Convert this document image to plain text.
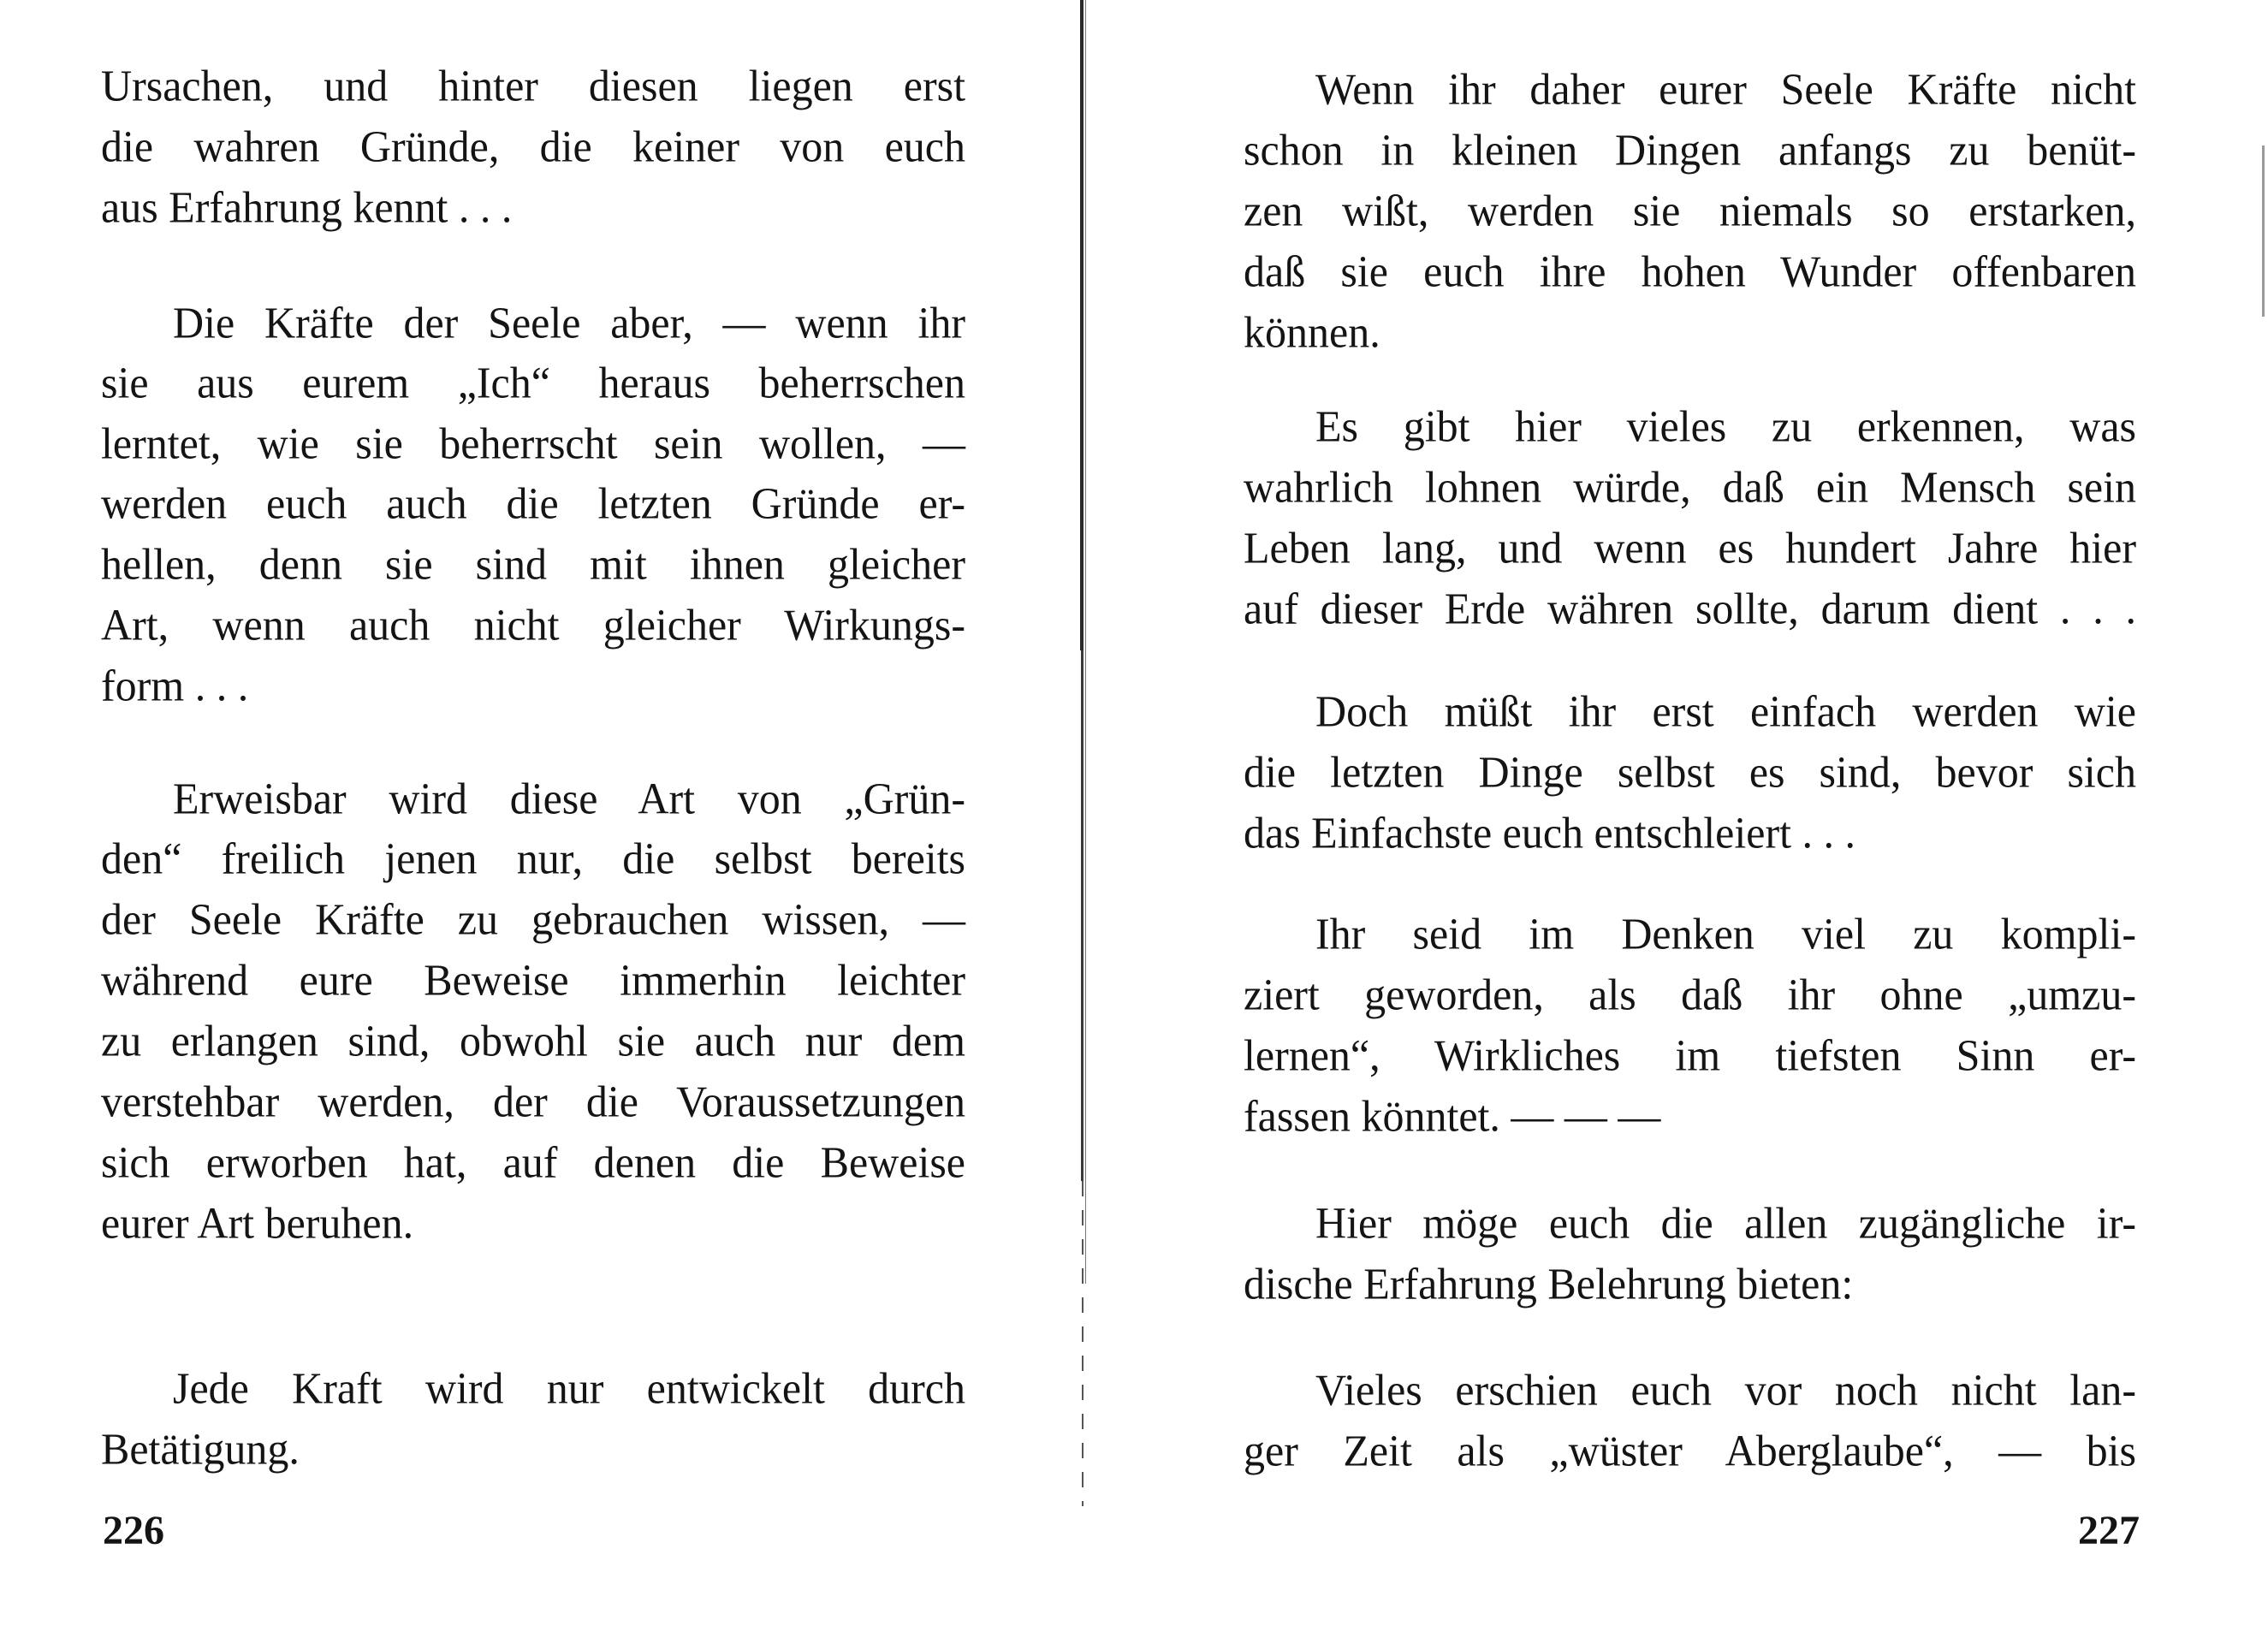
Ursachen, und hinter diesen liegen erst
die wahren Gründe, die keiner von euch
aus Erfahrung kennt . . .
Die Kräfte der Seele aber, — wenn ihr
sie aus eurem „Ich“ heraus beherrschen
lerntet, wie sie beherrscht sein wollen, —
werden euch auch die letzten Gründe er-
hellen, denn sie sind mit ihnen gleicher
Art, wenn auch nicht gleicher Wirkungs-
form . . .
Erweisbar wird diese Art von „Grün-
den“ freilich jenen nur, die selbst bereits
der Seele Kräfte zu gebrauchen wissen, —
während eure Beweise immerhin leichter
zu erlangen sind, obwohl sie auch nur dem
verstehbar werden, der die Voraussetzungen
sich erworben hat, auf denen die Beweise
eurer Art beruhen.
Jede Kraft wird nur entwickelt durch
Betätigung.
226
Wenn ihr daher eurer Seele Kräfte nicht
schon in kleinen Dingen anfangs zu benüt-
zen wißt, werden sie niemals so erstarken,
daß sie euch ihre hohen Wunder offenbaren
können.
Es gibt hier vieles zu erkennen, was
wahrlich lohnen würde, daß ein Mensch sein
Leben lang, und wenn es hundert Jahre hier
auf dieser Erde währen sollte, darum dient . . .
Doch müßt ihr erst einfach werden wie
die letzten Dinge selbst es sind, bevor sich
das Einfachste euch entschleiert . . .
Ihr seid im Denken viel zu kompli-
ziert geworden, als daß ihr ohne „umzu-
lernen“, Wirkliches im tiefsten Sinn er-
fassen könntet. — — —
Hier möge euch die allen zugängliche ir-
dische Erfahrung Belehrung bieten:
Vieles erschien euch vor noch nicht lan-
ger Zeit als „wüster Aberglaube“, — bis
227
